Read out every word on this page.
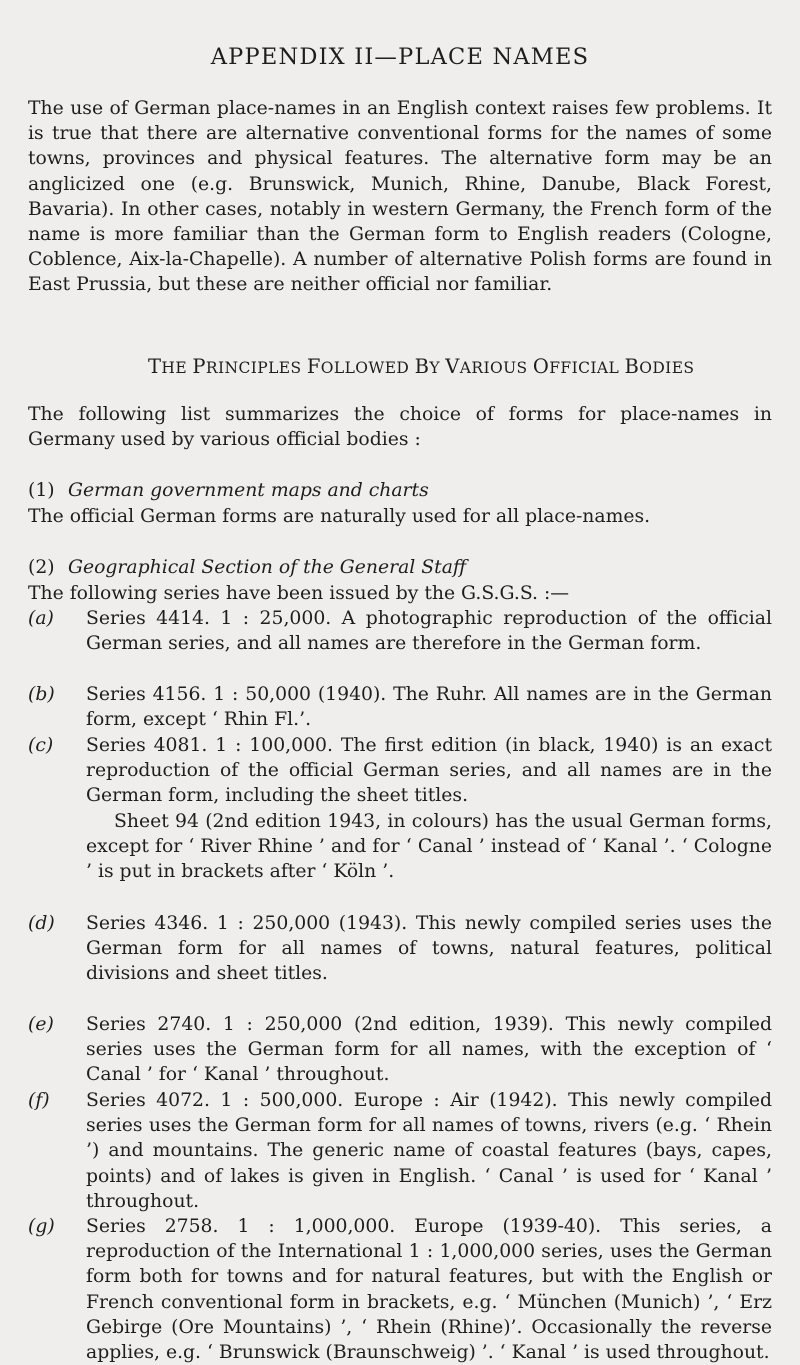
APPENDIX II—PLACE NAMES

The use of German place-names in an English context raises few problems. It is true that there are alternative conventional forms for the names of some towns, provinces and physical features. The alternative form may be an anglicized one (e.g. Brunswick, Munich, Rhine, Danube, Black Forest, Bavaria). In other cases, notably in western Germany, the French form of the name is more familiar than the German form to English readers (Cologne, Coblence, Aix-la-Chapelle). A number of alternative Polish forms are found in East Prussia, but these are neither official nor familiar.

THE PRINCIPLES FOLLOWED BY VARIOUS OFFICIAL BODIES

The following list summarizes the choice of forms for place-names in Germany used by various official bodies :

(1) German government maps and charts

The official German forms are naturally used for all place-names.

(2) Geographical Section of the General Staff

The following series have been issued by the G.S.G.S. :—

(a)	Series 4414. 1 : 25,000. A photographic reproduction of the official German series, and all names are therefore in the German form.

(b)	Series 4156. 1 : 50,000 (1940). The Ruhr. All names are in the German form, except ‘ Rhin Fl.’.

(c)	Series 4081. 1 : 100,000. The first edition (in black, 1940) is an exact reproduction of the official German series, and all names are in the German form, including the sheet titles.

Sheet 94 (2nd edition 1943, in colours) has the usual German forms, except for ‘ River Rhine ’ and for ‘ Canal ’ instead of ‘ Kanal ’. ‘ Cologne ’ is put in brackets after ‘ Köln ’.

(d)	Series 4346. 1 : 250,000 (1943). This newly compiled series uses the German form for all names of towns, natural features, political divisions and sheet titles.

(e)	Series 2740. 1 : 250,000 (2nd edition, 1939). This newly compiled series uses the German form for all names, with the exception of ‘ Canal ’ for ‘ Kanal ’ throughout.

(f)	Series 4072. 1 : 500,000. Europe : Air (1942). This newly compiled series uses the German form for all names of towns, rivers (e.g. ‘ Rhein ’) and mountains. The generic name of coastal features (bays, capes, points) and of lakes is given in English. ‘ Canal ’ is used for ‘ Kanal ’ throughout.

(g)	Series 2758. 1 : 1,000,000. Europe (1939-40). This series, a reproduction of the International 1 : 1,000,000 series, uses the German form both for towns and for natural features, but with the English or French conventional form in brackets, e.g. ‘ München (Munich) ’, ‘ Erz Gebirge (Ore Mountains) ’, ‘ Rhein (Rhine)’. Occasionally the reverse applies, e.g. ‘ Brunswick (Braunschweig) ’. ‘ Kanal ’ is used throughout.
